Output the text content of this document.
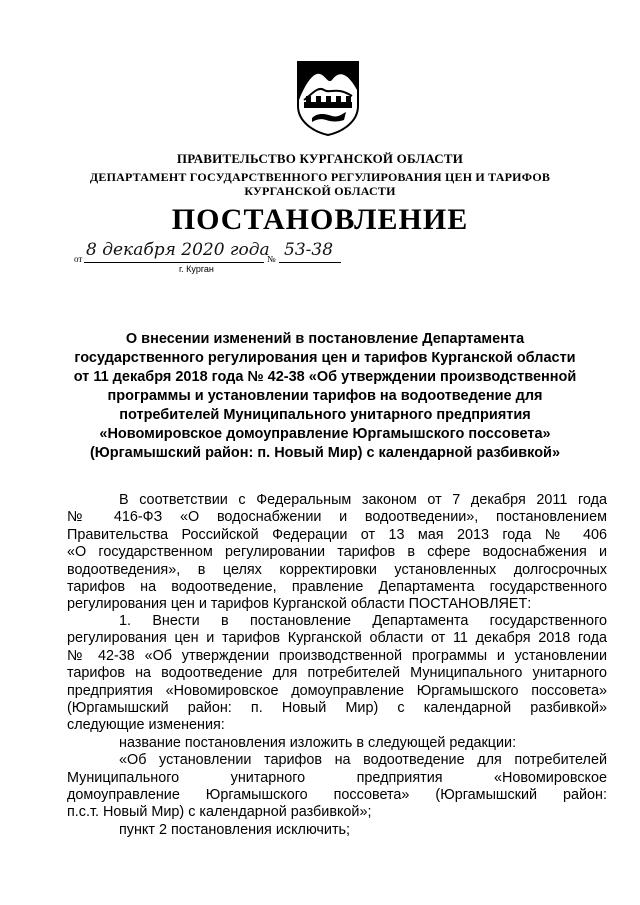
ПРАВИТЕЛЬСТВО КУРГАНСКОЙ ОБЛАСТИ
ДЕПАРТАМЕНТ ГОСУДАРСТВЕННОГО РЕГУЛИРОВАНИЯ ЦЕН И ТАРИФОВ
КУРГАНСКОЙ ОБЛАСТИ
ПОСТАНОВЛЕНИЕ
от 8 декабря 2020 года
№ 53-38
г. Курган
О внесении изменений в постановление Департамента
государственного регулирования цен и тарифов Курганской области
от 11 декабря 2018 года № 42-38 «Об утверждении производственной
программы и установлении тарифов на водоотведение для
потребителей Муниципального унитарного предприятия
«Новомировское домоуправление Юргамышского поссовета»
(Юргамышский район: п. Новый Мир) с календарной разбивкой»
В соответствии с Федеральным законом от 7 декабря 2011 года
№ 416-ФЗ «О водоснабжении и водоотведении», постановлением
Правительства Российской Федерации от 13 мая 2013 года № 406
«О государственном регулировании тарифов в сфере водоснабжения и
водоотведения», в целях корректировки установленных долгосрочных
тарифов на водоотведение, правление Департамента государственного
регулирования цен и тарифов Курганской области ПОСТАНОВЛЯЕТ:
1. Внести в постановление Департамента государственного
регулирования цен и тарифов Курганской области от 11 декабря 2018 года
№ 42-38 «Об утверждении производственной программы и установлении
тарифов на водоотведение для потребителей Муниципального унитарного
предприятия «Новомировское домоуправление Юргамышского поссовета»
(Юргамышский район: п. Новый Мир) с календарной разбивкой»
следующие изменения:
название постановления изложить в следующей редакции:
«Об установлении тарифов на водоотведение для потребителей
Муниципального унитарного предприятия «Новомировское
домоуправление Юргамышского поссовета» (Юргамышский район:
п.с.т. Новый Мир) с календарной разбивкой»;
пункт 2 постановления исключить;
